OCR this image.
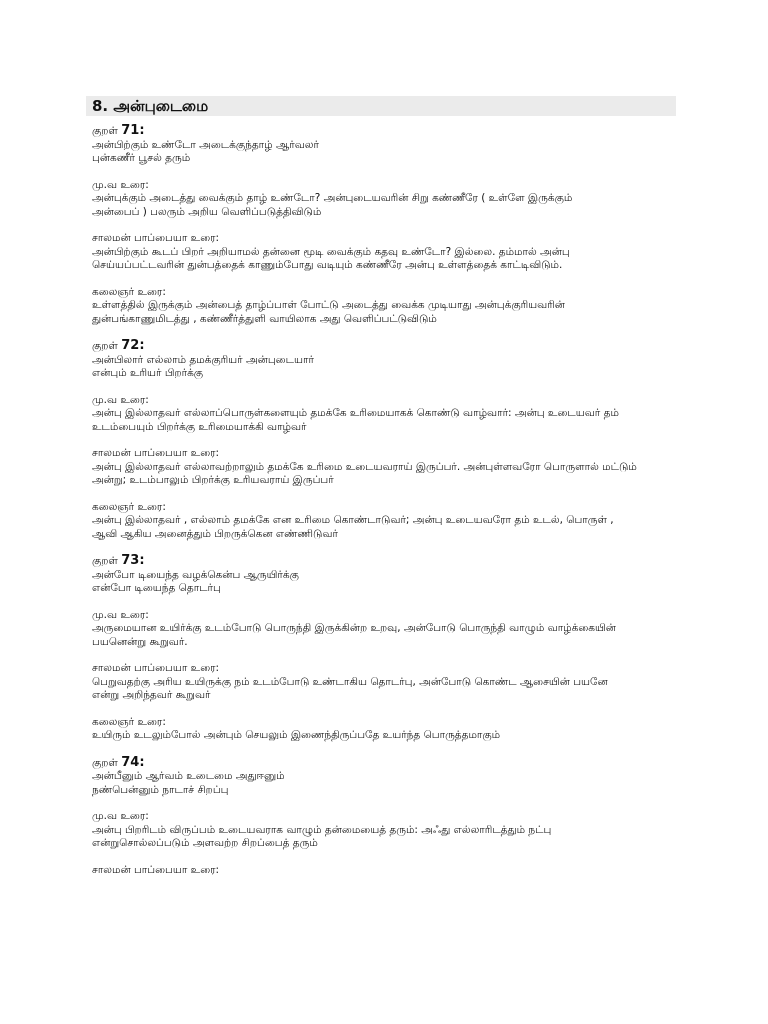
8. அன்புடைமை
குறள் 71:
அன்பிற்கும் உண்டோ அடைக்குந்தாழ் ஆர்வலர்
புன்கணீர் பூசல் தரும்
மு.வ உரை:
அன்புக்கும் அடைத்து வைக்கும் தாழ் உண்டோ? அன்புடையவரின் சிறு கண்ணீரே ( உள்ளே இருக்கும்
அன்பைப் ) பலரும் அறிய வெளிப்படுத்திவிடும்
சாலமன் பாப்பையா உரை:
அன்பிற்கும் கூடப் பிறர் அறியாமல் தன்னை மூடி வைக்கும் கதவு உண்டோ? இல்லை. தம்மால் அன்பு
செய்யப்பட்டவரின் துன்பத்தைக் காணும்போது வடியும் கண்ணீரே அன்பு உள்ளத்தைக் காட்டிவிடும்.
கலைஞர் உரை:
உள்ளத்தில் இருக்கும் அன்பைத் தாழ்ப்பாள் போட்டு அடைத்து வைக்க முடியாது அன்புக்குரியவரின்
துன்பங்காணுமிடத்து , கண்ணீர்த்துளி வாயிலாக அது வெளிப்பட்டுவிடும்
குறள் 72:
அன்பிலார் எல்லாம் தமக்குரியர் அன்புடையார்
என்பும் உரியர் பிறர்க்கு
மு.வ உரை:
அன்பு இல்லாதவர் எல்லாப்பொருள்களையும் தமக்கே உரிமையாகக் கொண்டு வாழ்வார்: அன்பு உடையவர் தம்
உடம்பையும் பிறர்க்கு உரிமையாக்கி வாழ்வர்
சாலமன் பாப்பையா உரை:
அன்பு இல்லாதவர் எல்லாவற்றாலும் தமக்கே உரிமை உடையவராய் இருப்பர். அன்புள்ளவரோ பொருளால் மட்டும்
அன்று; உடம்பாலும் பிறர்க்கு உரியவராய் இருப்பர்
கலைஞர் உரை:
அன்பு இல்லாதவர் , எல்லாம் தமக்கே என உரிமை கொண்டாடுவர்; அன்பு உடையவரோ தம் உடல், பொருள் ,
ஆவி ஆகிய அனைத்தும் பிறருக்கென எண்ணிடுவர்
குறள் 73:
அன்போ டியைந்த வழக்கென்ப ஆருயிர்க்கு
என்போ டியைந்த தொடர்பு
மு.வ உரை:
அருமையான உயிர்க்கு உடம்போடு பொருந்தி இருக்கின்ற உறவு, அன்போடு பொருந்தி வாழும் வாழ்க்கையின்
பயனென்று கூறுவர்.
சாலமன் பாப்பையா உரை:
பெறுவதற்கு அரிய உயிருக்கு நம் உடம்போடு உண்டாகிய தொடர்பு, அன்போடு கொண்ட ஆசையின் பயனே
என்று அறிந்தவர் கூறுவர்
கலைஞர் உரை:
உயிரும் உடலும்போல் அன்பும் செயலும் இணைந்திருப்பதே உயர்ந்த பொருத்தமாகும்
குறள் 74:
அன்பீனும் ஆர்வம் உடைமை அதுஈனும்
நண்பென்னும் நாடாச் சிறப்பு
மு.வ உரை:
அன்பு பிறரிடம் விருப்பம் உடையவராக வாழும் தன்மையைத் தரும்: அஃது எல்லாரிடத்தும் நட்பு
என்றுசொல்லப்படும் அளவற்ற சிறப்பைத் தரும்
சாலமன் பாப்பையா உரை:
